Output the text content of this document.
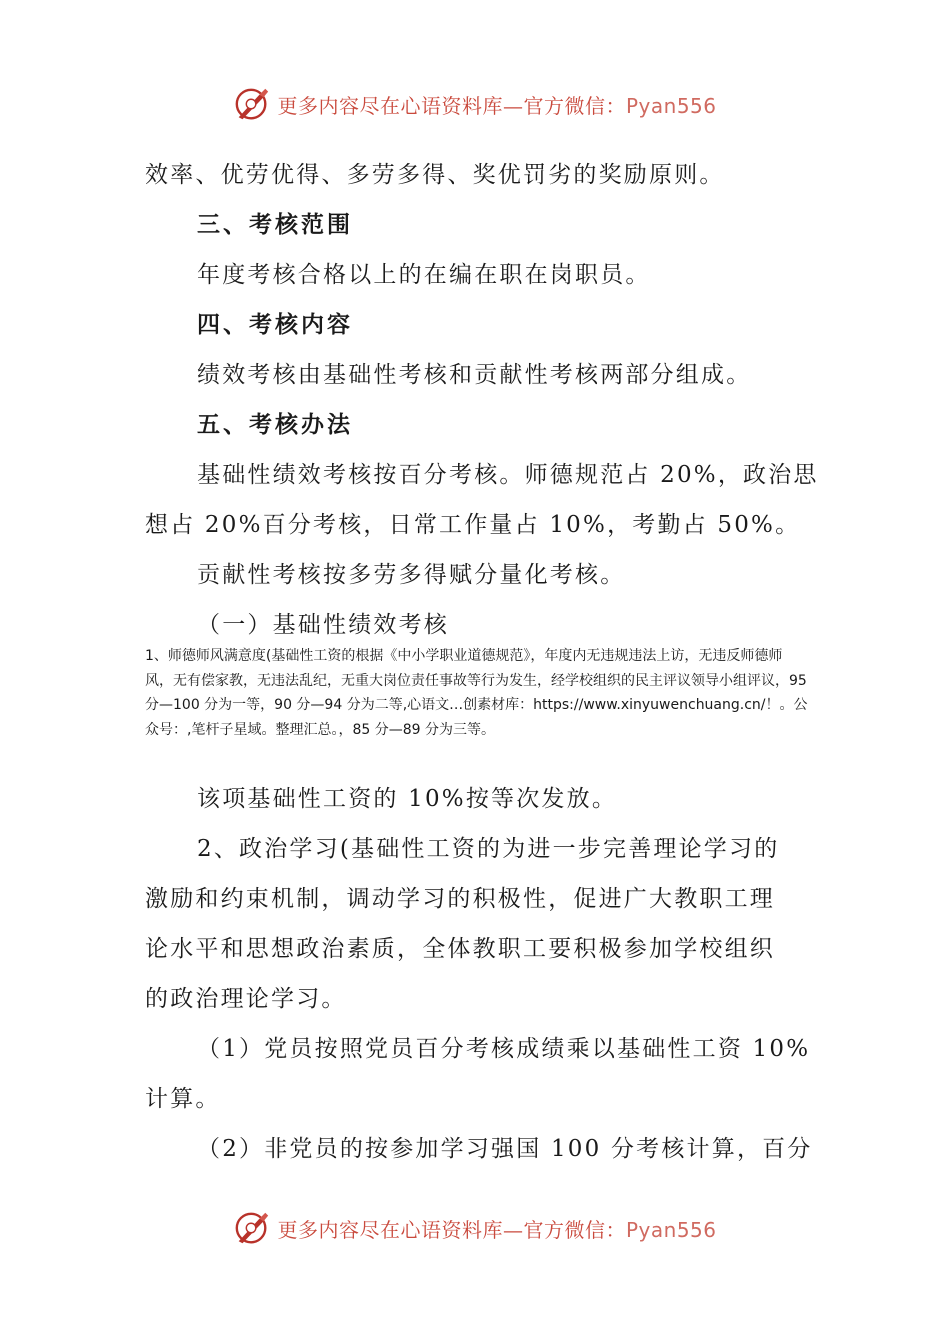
更多内容尽在心语资料库—官方微信：Pyan556
效率、优劳优得、多劳多得、奖优罚劣的奖励原则。
三、考核范围
年度考核合格以上的在编在职在岗职员。
四、考核内容
绩效考核由基础性考核和贡献性考核两部分组成。
五、考核办法
基础性绩效考核按百分考核。师德规范占 20%，政治思
想占 20%百分考核，日常工作量占 10%，考勤占 50%。
贡献性考核按多劳多得赋分量化考核。
（一）基础性绩效考核
1、师德师风满意度(基础性工资的根据《中小学职业道德规范》，年度内无违规违法上访，无违反师德师风，无有偿家教，无违法乱纪，无重大岗位责任事故等行为发生，经学校组织的民主评议领导小组评议，95 分—100 分为一等，90 分—94 分为二等,心语文…创素材库：https://www.xinyuwenchuang.cn/！。公众号：,笔杆子星域。整理汇总。，85 分—89 分为三等。
该项基础性工资的 10%按等次发放。
2、政治学习(基础性工资的为进一步完善理论学习的
激励和约束机制，调动学习的积极性，促进广大教职工理
论水平和思想政治素质，全体教职工要积极参加学校组织
的政治理论学习。
（1）党员按照党员百分考核成绩乘以基础性工资 10%
计算。
（2）非党员的按参加学习强国 100 分考核计算，百分
更多内容尽在心语资料库—官方微信：Pyan556
